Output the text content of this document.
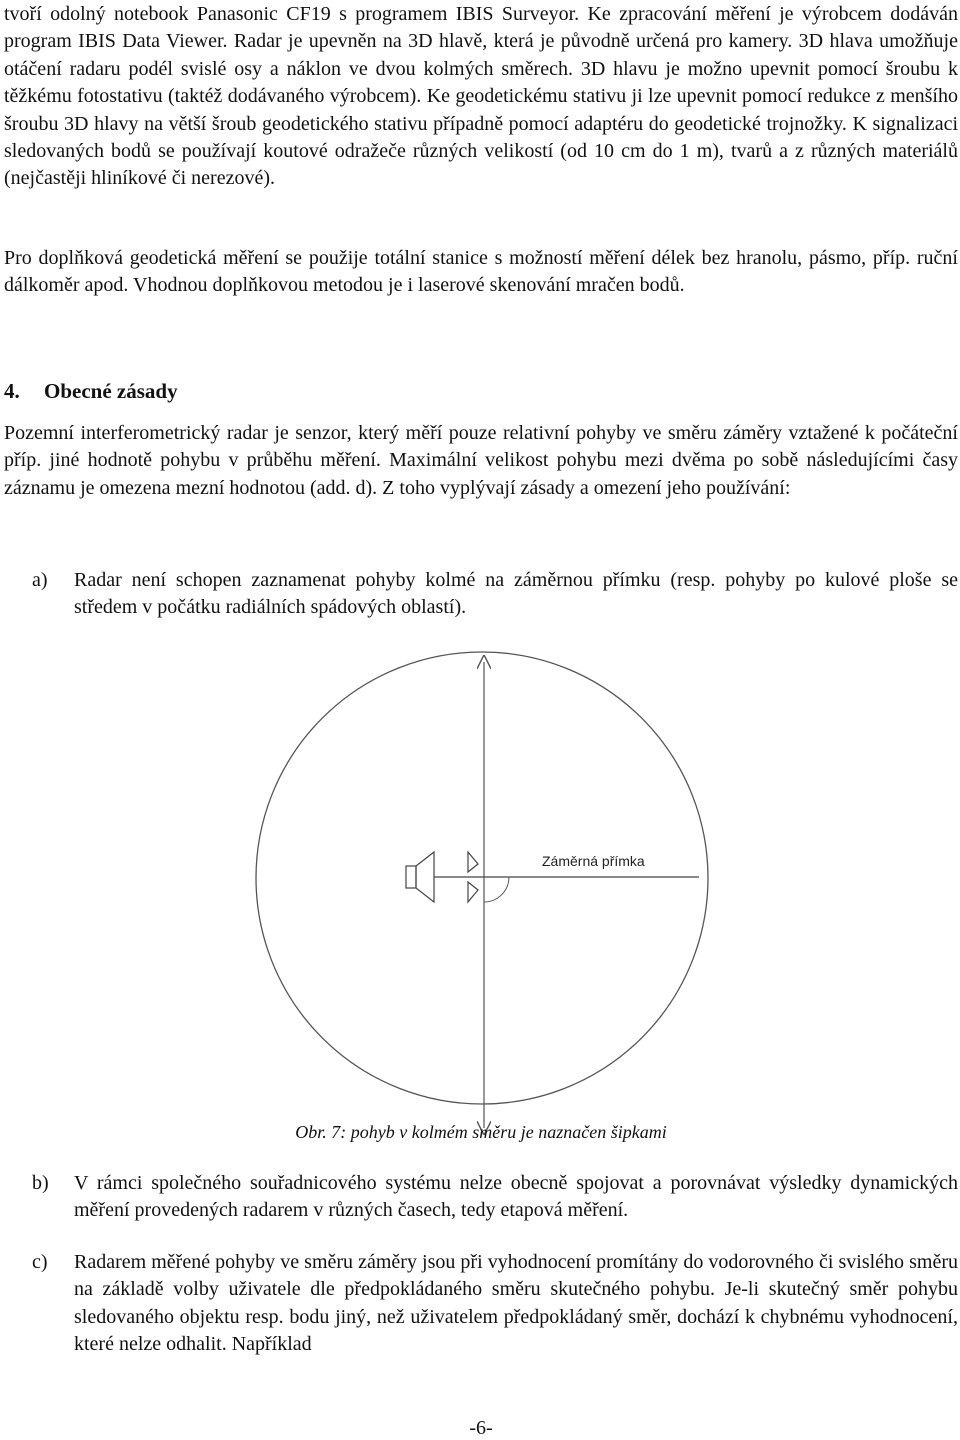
tvoří odolný notebook Panasonic CF19 s programem IBIS Surveyor. Ke zpracování měření je výrobcem dodáván program IBIS Data Viewer. Radar je upevněn na 3D hlavě, která je původně určená pro kamery. 3D hlava umožňuje otáčení radaru podél svislé osy a náklon ve dvou kolmých směrech. 3D hlavu je možno upevnit pomocí šroubu k těžkému fotostativu (taktéž dodávaného výrobcem). Ke geodetickému stativu ji lze upevnit pomocí redukce z menšího šroubu 3D hlavy na větší šroub geodetického stativu případně pomocí adaptéru do geodetické trojnožky. K signalizaci sledovaných bodů se používají koutové odražeče různých velikostí (od 10 cm do 1 m), tvarů a z různých materiálů (nejčastěji hliníkové či nerezové).

Pro doplňková geodetická měření se použije totální stanice s možností měření délek bez hranolu, pásmo, příp. ruční dálkoměr apod. Vhodnou doplňkovou metodou je i laserové skenování mračen bodů.

4. Obecné zásady

Pozemní interferometrický radar je senzor, který měří pouze relativní pohyby ve směru záměry vztažené k počáteční příp. jiné hodnotě pohybu v průběhu měření. Maximální velikost pohybu mezi dvěma po sobě následujícími časy záznamu je omezena mezní hodnotou (add. d). Z toho vyplývají zásady a omezení jeho používání:

a) Radar není schopen zaznamenat pohyby kolmé na záměrnou přímku (resp. pohyby po kulové ploše se středem v počátku radiálních spádových oblastí).

Záměrná přímka
Obr. 7: pohyb v kolmém směru je naznačen šipkami
b) V rámci společného souřadnicového systému nelze obecně spojovat a porovnávat výsledky dynamických měření provedených radarem v různých časech, tedy etapová měření.

c) Radarem měřené pohyby ve směru záměry jsou při vyhodnocení promítány do vodorovného či svislého směru na základě volby uživatele dle předpokládaného směru skutečného pohybu. Je-li skutečný směr pohybu sledovaného objektu resp. bodu jiný, než uživatelem předpokládaný směr, dochází k chybnému vyhodnocení, které nelze odhalit. Například

-6-
